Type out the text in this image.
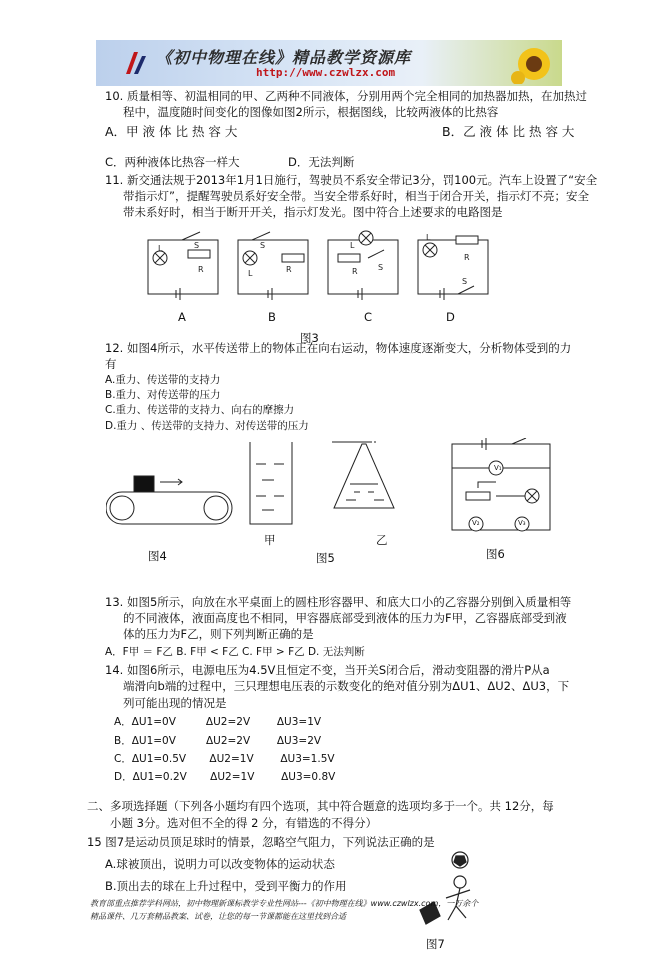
《初中物理在线》精品教学资源库
http://www.czwlzx.com
10. 质量相等、初温相同的甲、乙两种不同液体，分别用两个完全相同的加热器加热，在加热过
程中，温度随时间变化的图像如图2所示，根据图线，比较两液体的比热容
A．甲 液 体 比 热 容 大	B．乙 液 体 比 热 容 大
C．两种液体比热容一样大	D．无法判断
11. 新交通法规于2013年1月1日施行，驾驶员不系安全带记3分，罚100元。汽车上设置了“安全
带指示灯”，提醒驾驶员系好安全带。当安全带系好时，相当于闭合开关，指示灯不亮；安全
带未系好时，相当于断开开关，指示灯发光。图中符合上述要求的电路图是
L	S
R
S
L	R
L
R	S
L
R
S
A	B	C	D
图3
12. 如图4所示，水平传送带上的物体正在向右运动，物体速度逐渐变大，分析物体受到的力
有
A.重力、传送带的支持力
B.重力、对传送带的压力
C.重力、传送带的支持力、向右的摩擦力
D.重力 、传送带的支持力、对传送带的压力
图4
甲	乙
图5
V₁
V₂	V₃
图6
13. 如图5所示，向放在水平桌面上的圆柱形容器甲、和底大口小的乙容器分别倒入质量相等
的不同液体，液面高度也不相同，甲容器底部受到液体的压力为F甲，乙容器底部受到液
体的压力为F乙，则下列判断正确的是
A．F甲 ＝ F乙 B. F甲 < F乙 C. F甲 > F乙 D. 无法判断
14. 如图6所示，电源电压为4.5V且恒定不变，当开关S闭合后，滑动变阻器的滑片P从a
端滑向b端的过程中，三只理想电压表的示数变化的绝对值分别为ΔU1、ΔU2、ΔU3，下
列可能出现的情况是
A．ΔU1=0V         ΔU2=2V        ΔU3=1V
B．ΔU1=0V         ΔU2=2V        ΔU3=2V
C．ΔU1=0.5V       ΔU2=1V        ΔU3=1.5V
D．ΔU1=0.2V       ΔU2=1V        ΔU3=0.8V
二、多项选择题（下列各小题均有四个选项，其中符合题意的选项均多于一个。共 12分，每
小题 3分。选对但不全的得 2 分，有错选的不得分）
15 图7是运动员顶足球时的情景，忽略空气阻力，下列说法正确的是
A.球被顶出，说明力可以改变物体的运动状态
B.顶出去的球在上升过程中，受到平衡力的作用
图7
教育部重点推荐学科网站，初中物理新课标教学专业性网站---《初中物理在线》www.czwlzx.com，一万余个
精品课件、几万套精品教案、试卷，让您的每一节课都能在这里找到合适
